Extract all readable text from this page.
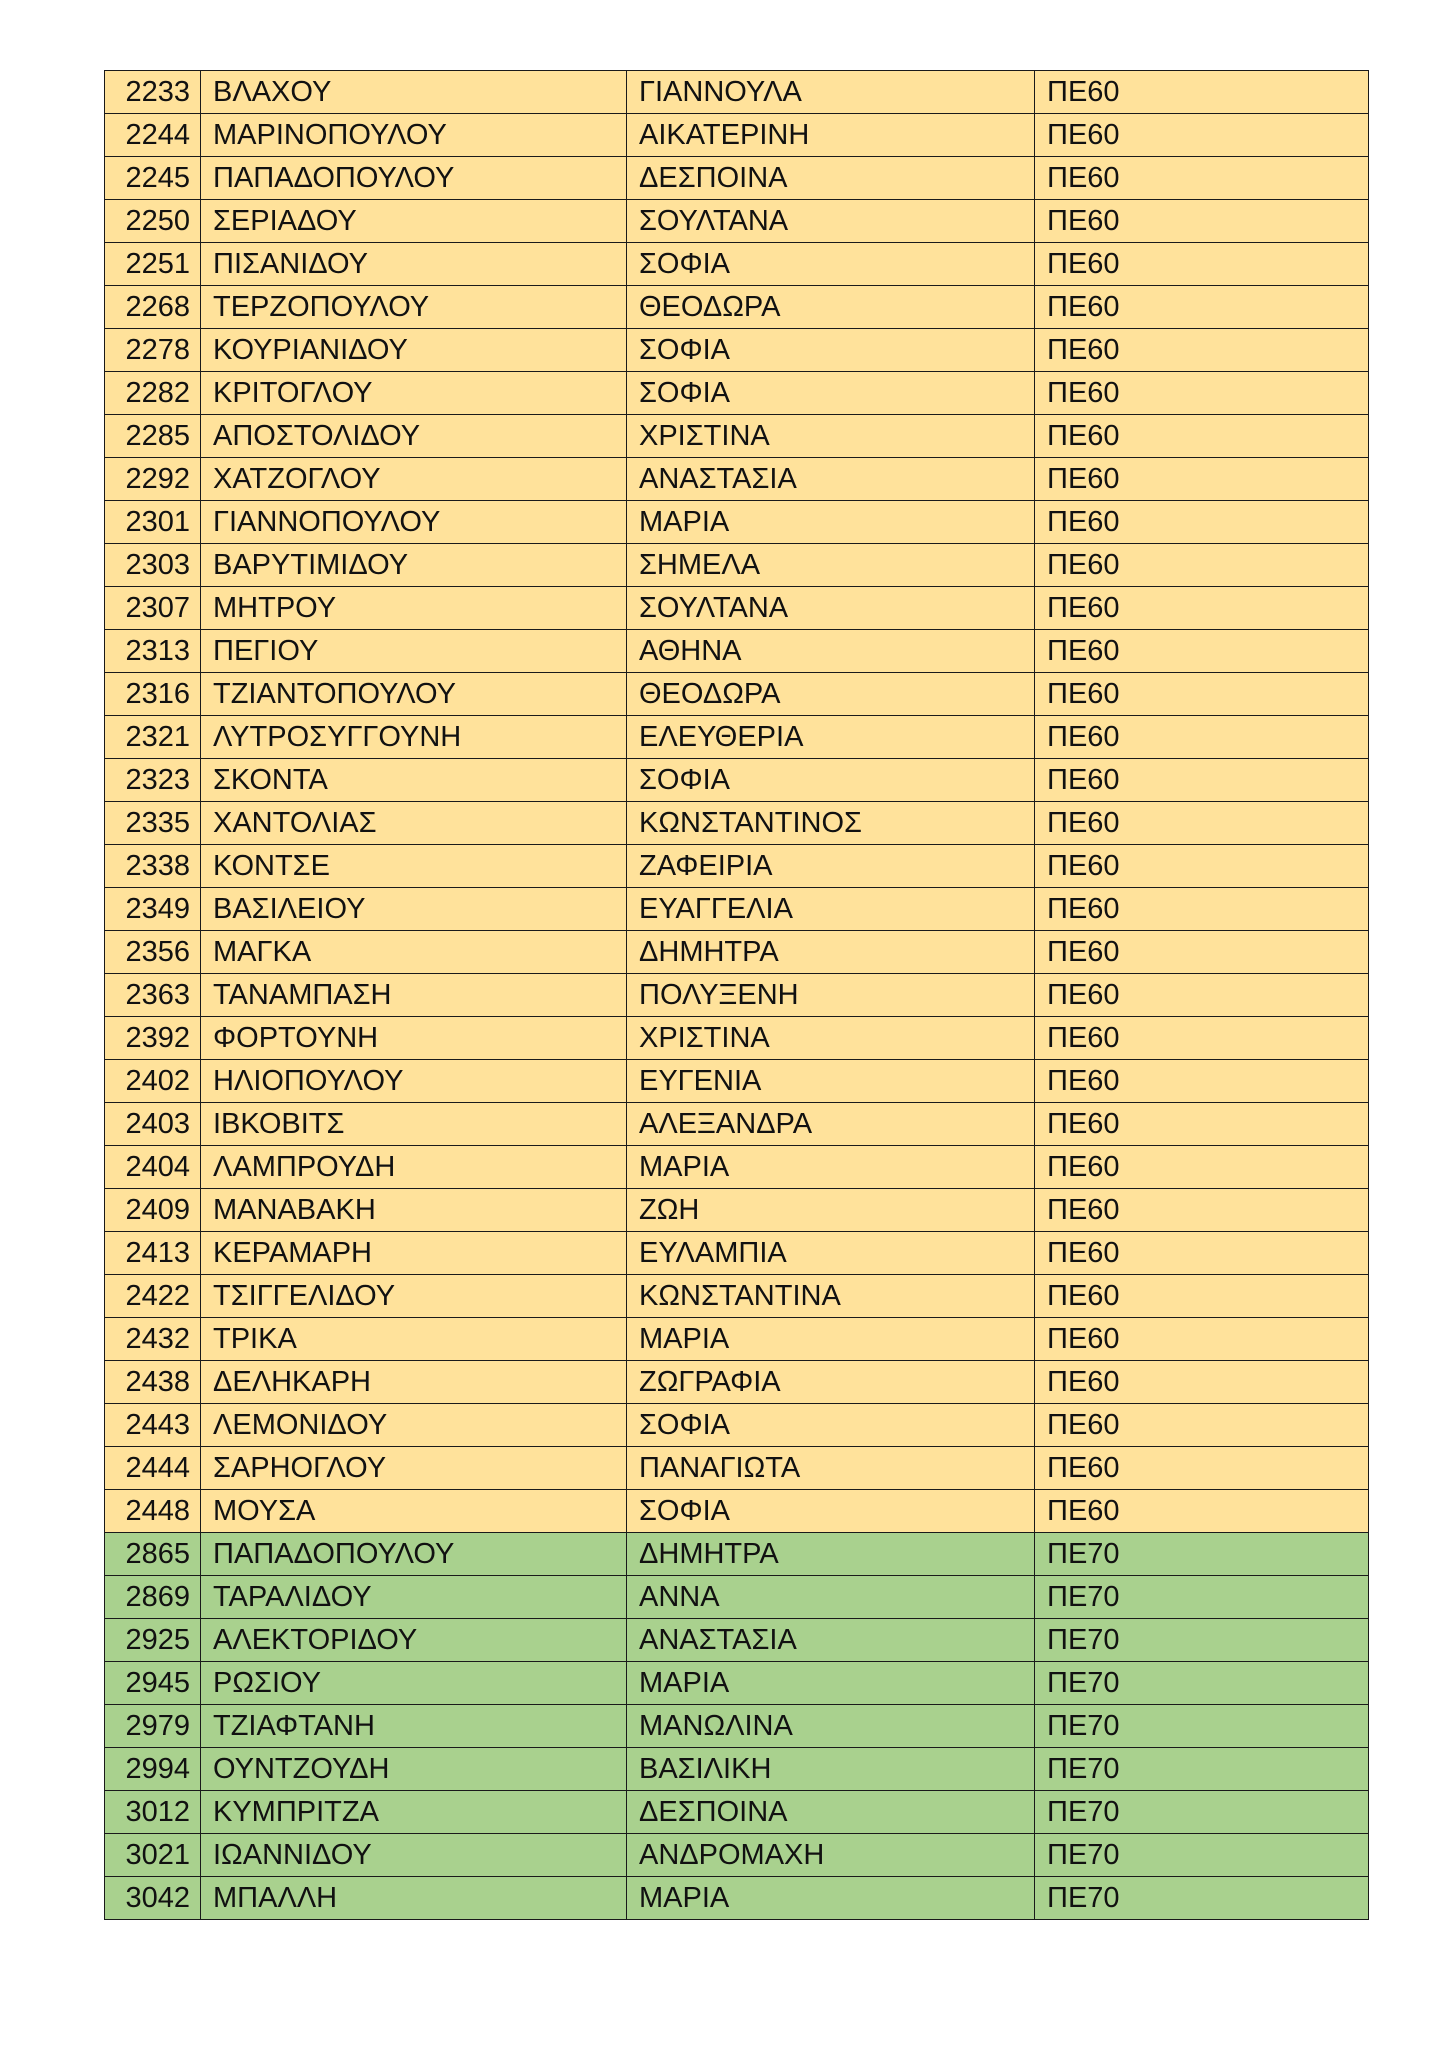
2233	ΒΛΑΧΟΥ	ΓΙΑΝΝΟΥΛΑ	ΠΕ60
2244	ΜΑΡΙΝΟΠΟΥΛΟΥ	ΑΙΚΑΤΕΡΙΝΗ	ΠΕ60
2245	ΠΑΠΑΔΟΠΟΥΛΟΥ	ΔΕΣΠΟΙΝΑ	ΠΕ60
2250	ΣΕΡΙΑΔΟΥ	ΣΟΥΛΤΑΝΑ	ΠΕ60
2251	ΠΙΣΑΝΙΔΟΥ	ΣΟΦΙΑ	ΠΕ60
2268	ΤΕΡΖΟΠΟΥΛΟΥ	ΘΕΟΔΩΡΑ	ΠΕ60
2278	ΚΟΥΡΙΑΝΙΔΟΥ	ΣΟΦΙΑ	ΠΕ60
2282	ΚΡΙΤΟΓΛΟΥ	ΣΟΦΙΑ	ΠΕ60
2285	ΑΠΟΣΤΟΛΙΔΟΥ	ΧΡΙΣΤΙΝΑ	ΠΕ60
2292	ΧΑΤΖΟΓΛΟΥ	ΑΝΑΣΤΑΣΙΑ	ΠΕ60
2301	ΓΙΑΝΝΟΠΟΥΛΟΥ	ΜΑΡΙΑ	ΠΕ60
2303	ΒΑΡΥΤΙΜΙΔΟΥ	ΣΗΜΕΛΑ	ΠΕ60
2307	ΜΗΤΡΟΥ	ΣΟΥΛΤΑΝΑ	ΠΕ60
2313	ΠΕΓΙΟΥ	ΑΘΗΝΑ	ΠΕ60
2316	ΤΖΙΑΝΤΟΠΟΥΛΟΥ	ΘΕΟΔΩΡΑ	ΠΕ60
2321	ΛΥΤΡΟΣΥΓΓΟΥΝΗ	ΕΛΕΥΘΕΡΙΑ	ΠΕ60
2323	ΣΚΟΝΤΑ	ΣΟΦΙΑ	ΠΕ60
2335	ΧΑΝΤΟΛΙΑΣ	ΚΩΝΣΤΑΝΤΙΝΟΣ	ΠΕ60
2338	ΚΟΝΤΣΕ	ΖΑΦΕΙΡΙΑ	ΠΕ60
2349	ΒΑΣΙΛΕΙΟΥ	ΕΥΑΓΓΕΛΙΑ	ΠΕ60
2356	ΜΑΓΚΑ	ΔΗΜΗΤΡΑ	ΠΕ60
2363	ΤΑΝΑΜΠΑΣΗ	ΠΟΛΥΞΕΝΗ	ΠΕ60
2392	ΦΟΡΤΟΥΝΗ	ΧΡΙΣΤΙΝΑ	ΠΕ60
2402	ΗΛΙΟΠΟΥΛΟΥ	ΕΥΓΕΝΙΑ	ΠΕ60
2403	ΙΒΚΟΒΙΤΣ	ΑΛΕΞΑΝΔΡΑ	ΠΕ60
2404	ΛΑΜΠΡΟΥΔΗ	ΜΑΡΙΑ	ΠΕ60
2409	ΜΑΝΑΒΑΚΗ	ΖΩΗ	ΠΕ60
2413	ΚΕΡΑΜΑΡΗ	ΕΥΛΑΜΠΙΑ	ΠΕ60
2422	ΤΣΙΓΓΕΛΙΔΟΥ	ΚΩΝΣΤΑΝΤΙΝΑ	ΠΕ60
2432	ΤΡΙΚΑ	ΜΑΡΙΑ	ΠΕ60
2438	ΔΕΛΗΚΑΡΗ	ΖΩΓΡΑΦΙΑ	ΠΕ60
2443	ΛΕΜΟΝΙΔΟΥ	ΣΟΦΙΑ	ΠΕ60
2444	ΣΑΡΗΟΓΛΟΥ	ΠΑΝΑΓΙΩΤΑ	ΠΕ60
2448	ΜΟΥΣΑ	ΣΟΦΙΑ	ΠΕ60
2865	ΠΑΠΑΔΟΠΟΥΛΟΥ	ΔΗΜΗΤΡΑ	ΠΕ70
2869	ΤΑΡΑΛΙΔΟΥ	ΑΝΝΑ	ΠΕ70
2925	ΑΛΕΚΤΟΡΙΔΟΥ	ΑΝΑΣΤΑΣΙΑ	ΠΕ70
2945	ΡΩΣΙΟΥ	ΜΑΡΙΑ	ΠΕ70
2979	ΤΖΙΑΦΤΑΝΗ	ΜΑΝΩΛΙΝΑ	ΠΕ70
2994	ΟΥΝΤΖΟΥΔΗ	ΒΑΣΙΛΙΚΗ	ΠΕ70
3012	ΚΥΜΠΡΙΤΖΑ	ΔΕΣΠΟΙΝΑ	ΠΕ70
3021	ΙΩΑΝΝΙΔΟΥ	ΑΝΔΡΟΜΑΧΗ	ΠΕ70
3042	ΜΠΑΛΛΗ	ΜΑΡΙΑ	ΠΕ70
